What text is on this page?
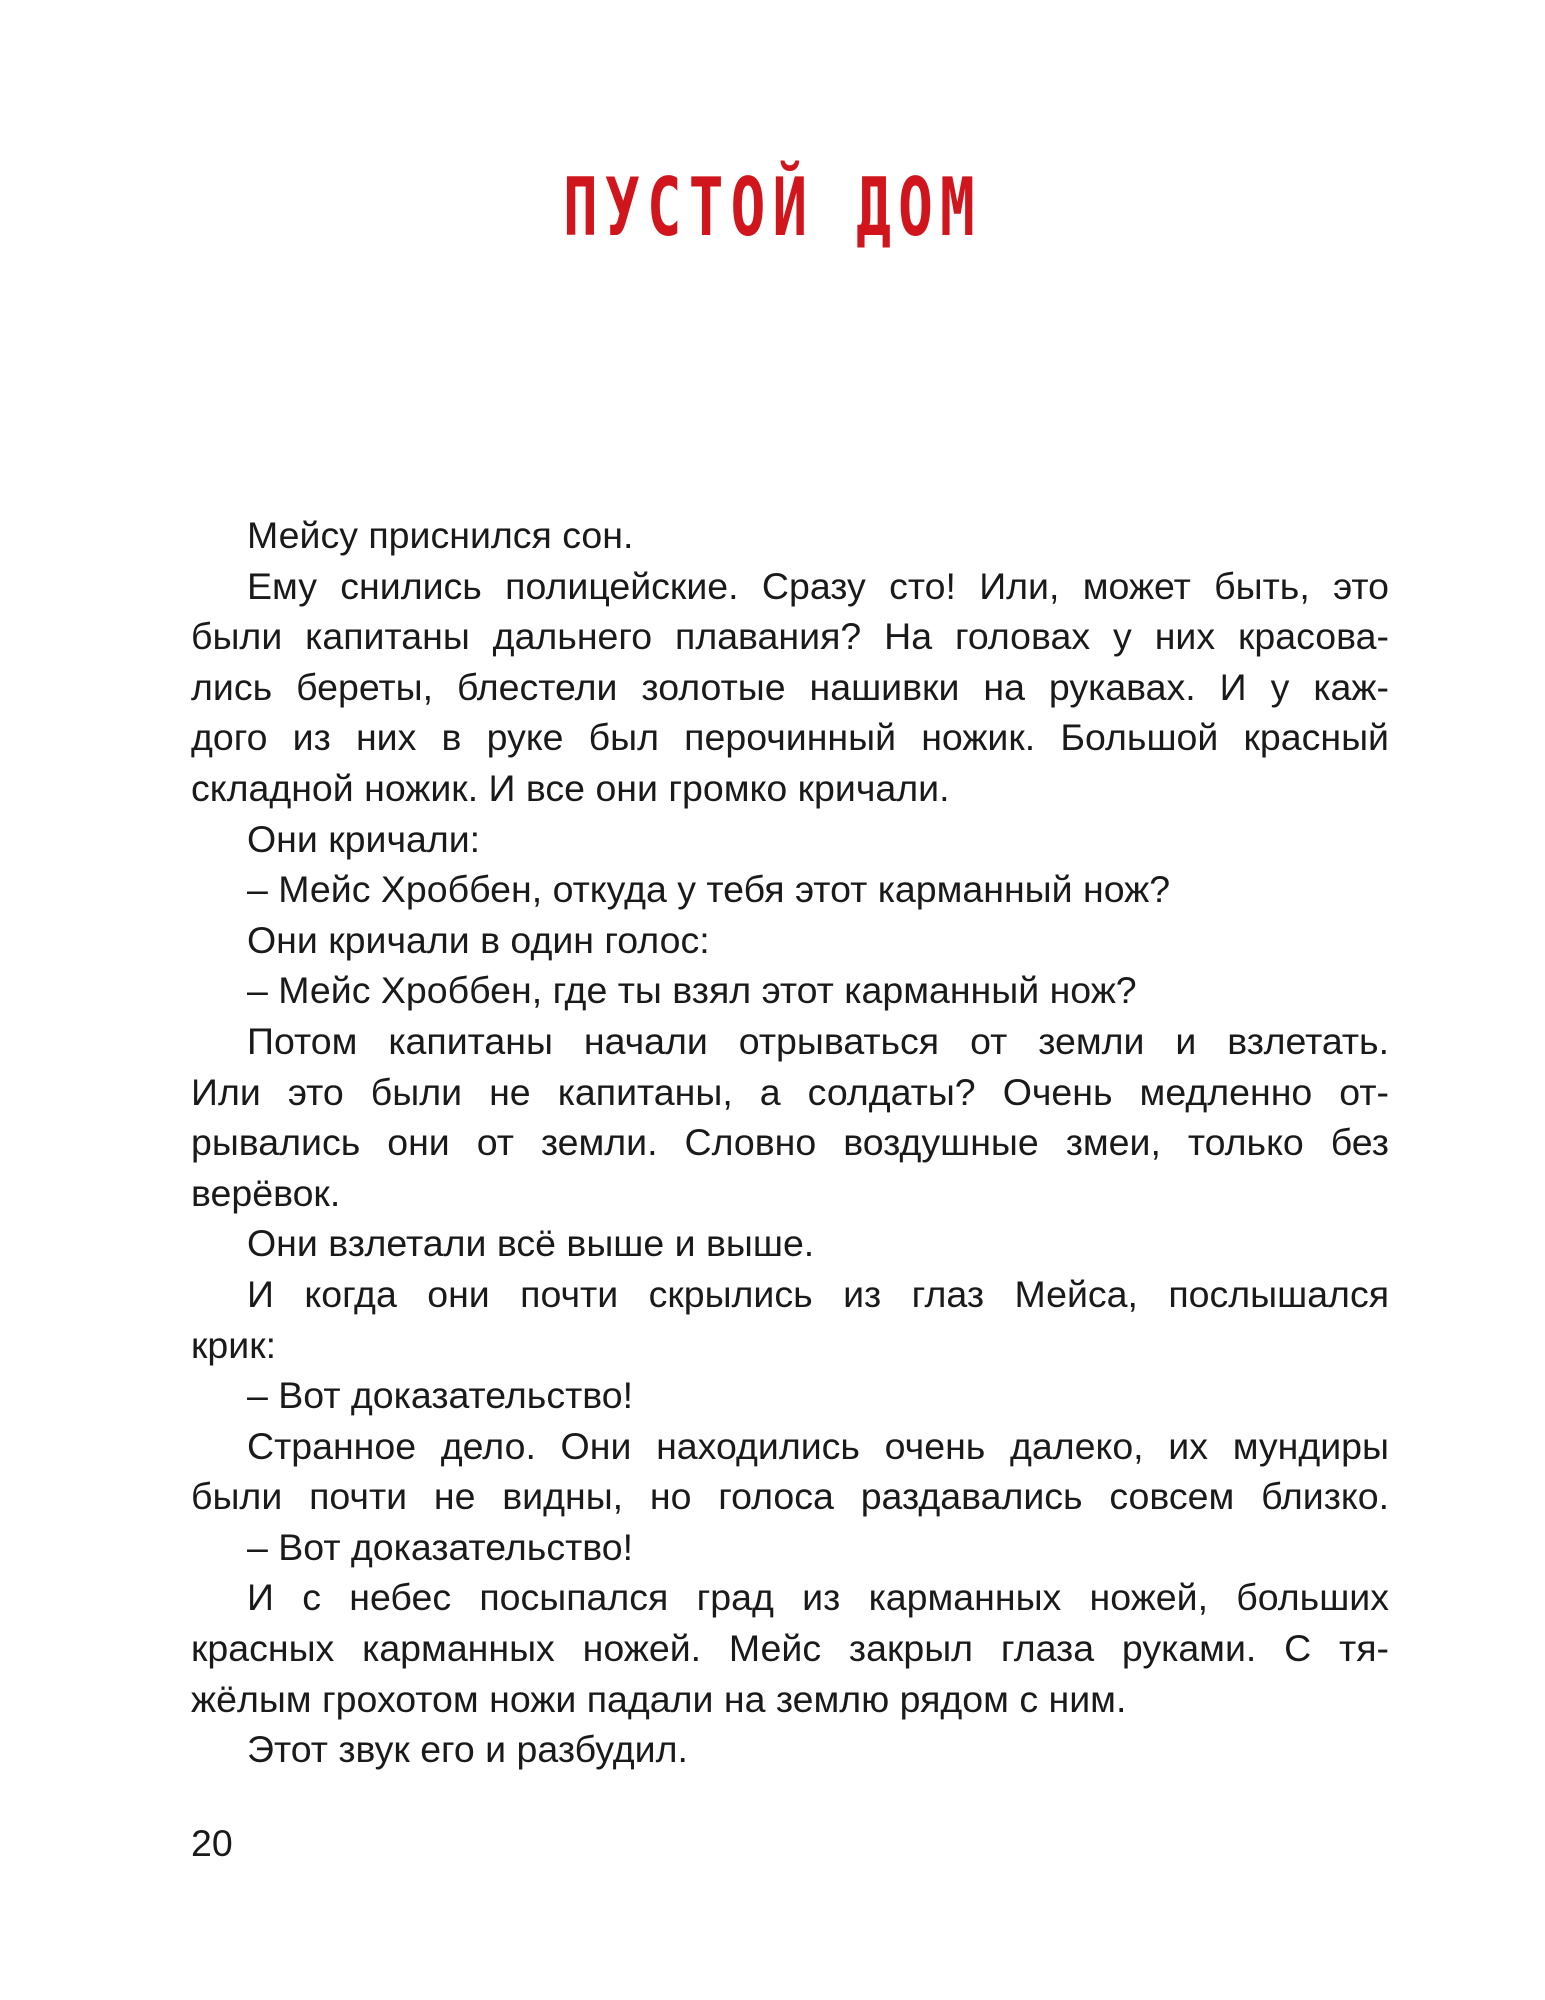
ПУСТОЙ ДОМ
Мейсу приснился сон.
Ему снились полицейские. Сразу сто! Или, может быть, это
были капитаны дальнего плавания? На головах у них красова-
лись береты, блестели золотые нашивки на рукавах. И у каж-
дого из них в руке был перочинный ножик. Большой красный
складной ножик. И все они громко кричали.
Они кричали:
– Мейс Хроббен, откуда у тебя этот карманный нож?
Они кричали в один голос:
– Мейс Хроббен, где ты взял этот карманный нож?
Потом капитаны начали отрываться от земли и взлетать.
Или это были не капитаны, а солдаты? Очень медленно от-
рывались они от земли. Словно воздушные змеи, только без
верёвок.
Они взлетали всё выше и выше.
И когда они почти скрылись из глаз Мейса, послышался
крик:
– Вот доказательство!
Странное дело. Они находились очень далеко, их мундиры
были почти не видны, но голоса раздавались совсем близко.
– Вот доказательство!
И с небес посыпался град из карманных ножей, больших
красных карманных ножей. Мейс закрыл глаза руками. С тя-
жёлым грохотом ножи падали на землю рядом с ним.
Этот звук его и разбудил.
20
